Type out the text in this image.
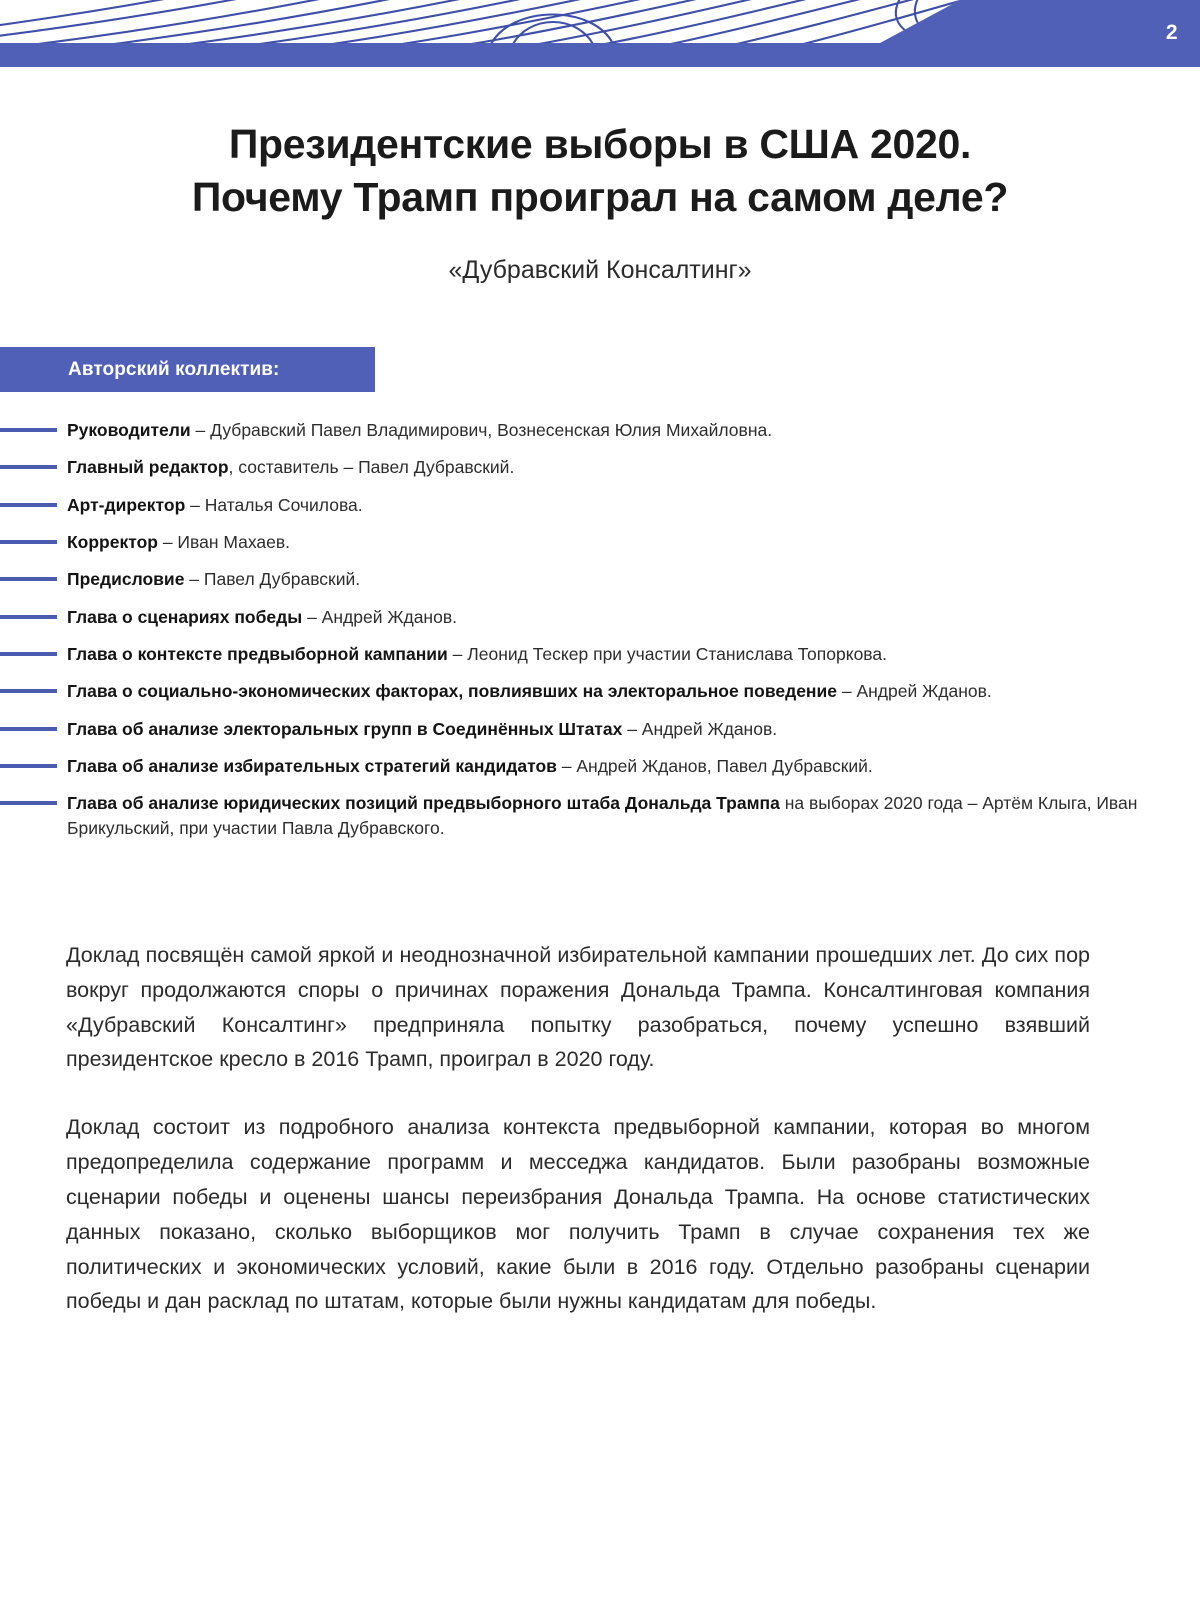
2
Президентские выборы в США 2020.
Почему Трамп проиграл на самом деле?
«Дубравский Консалтинг»
Авторский коллектив:
Руководители – Дубравский Павел Владимирович, Вознесенская Юлия Михайловна.
Главный редактор, составитель – Павел Дубравский.
Арт-директор – Наталья Сочилова.
Корректор – Иван Махаев.
Предисловие – Павел Дубравский.
Глава о сценариях победы – Андрей Жданов.
Глава о контексте предвыборной кампании – Леонид Тескер при участии Станислава Топоркова.
Глава о социально-экономических факторах, повлиявших на электоральное поведение – Андрей Жданов.
Глава об анализе электоральных групп в Соединённых Штатах – Андрей Жданов.
Глава об анализе избирательных стратегий кандидатов – Андрей Жданов, Павел Дубравский.
Глава об анализе юридических позиций предвыборного штаба Дональда Трампа на выборах 2020 года – Артём Клыга, Иван Брикульский, при участии Павла Дубравского.

Доклад посвящён самой яркой и неоднозначной избирательной кампании прошедших лет. До сих пор вокруг продолжаются споры о причинах поражения Дональда Трампа. Консалтинговая компания «Дубравский Консалтинг» предприняла попытку разобраться, почему успешно взявший президентское кресло в 2016 Трамп, проиграл в 2020 году.

Доклад состоит из подробного анализа контекста предвыборной кампании, которая во многом предопределила содержание программ и месседжа кандидатов. Были разобраны возможные сценарии победы и оценены шансы переизбрания Дональда Трампа. На основе статистических данных показано, сколько выборщиков мог получить Трамп в случае сохранения тех же политических и экономических условий, какие были в 2016 году. Отдельно разобраны сценарии победы и дан расклад по штатам, которые были нужны кандидатам для победы.
